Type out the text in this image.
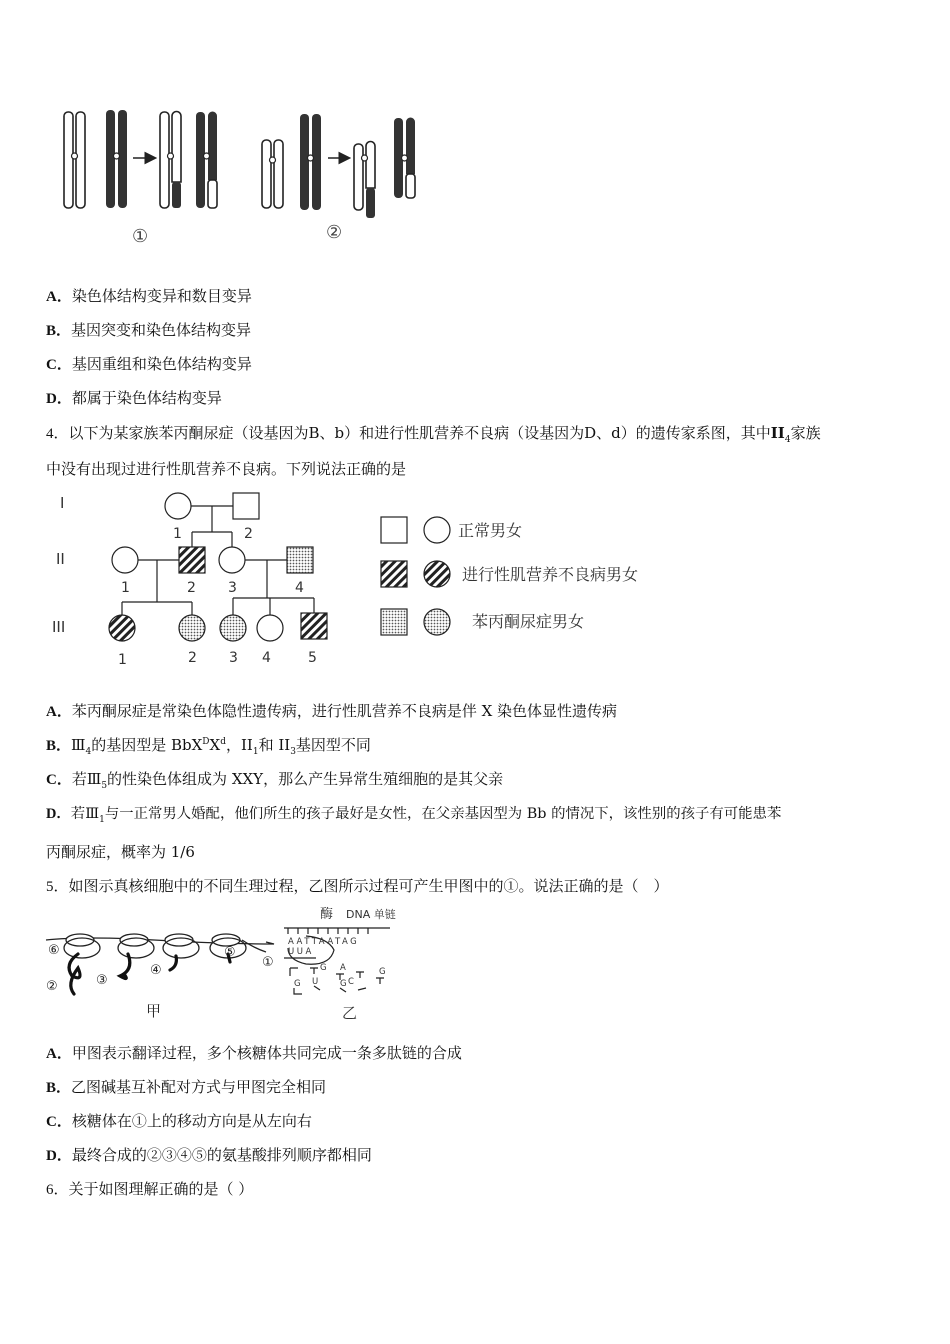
①	②
A．染色体结构变异和数目变异
B．基因突变和染色体结构变异
C．基因重组和染色体结构变异
D．都属于染色体结构变异
4．以下为某家族苯丙酮尿症（设基因为B、b）和进行性肌营养不良病（设基因为D、d）的遗传家系图，其中$II_4$家族
中没有出现过进行性肌营养不良病。下列说法正确的是
I
II
III
1	2
1	2 3	4
1	2 3 4	5
正常男女
进行性肌营养不良病男女
苯丙酮尿症男女
A．苯丙酮尿症是常染色体隐性遗传病，进行性肌营养不良病是伴 X 染色体显性遗传病
B．$Ⅲ_4$的基因型是 $BbX^DX^d$，$II_1$和 $II_3$基因型不同
C．若$Ⅲ_5$的性染色体组成为 XXY，那么产生异常生殖细胞的是其父亲
D．若$Ⅲ_1$与一正常男人婚配，他们所生的孩子最好是女性，在父亲基因型为 Bb 的情况下，该性别的孩子有可能患苯
丙酮尿症，概率为 1/6
5．如图示真核细胞中的不同生理过程，乙图所示过程可产生甲图中的①。说法正确的是（　）
⑥
②	③
④
⑤
①
甲
酶 DNA 单链
AATTAATAG
UUA
G A	G
G U	G C
乙
A．甲图表示翻译过程，多个核糖体共同完成一条多肽链的合成
B．乙图碱基互补配对方式与甲图完全相同
C．核糖体在①上的移动方向是从左向右
D．最终合成的②③④⑤的氨基酸排列顺序都相同
6．关于如图理解正确的是（ ）
